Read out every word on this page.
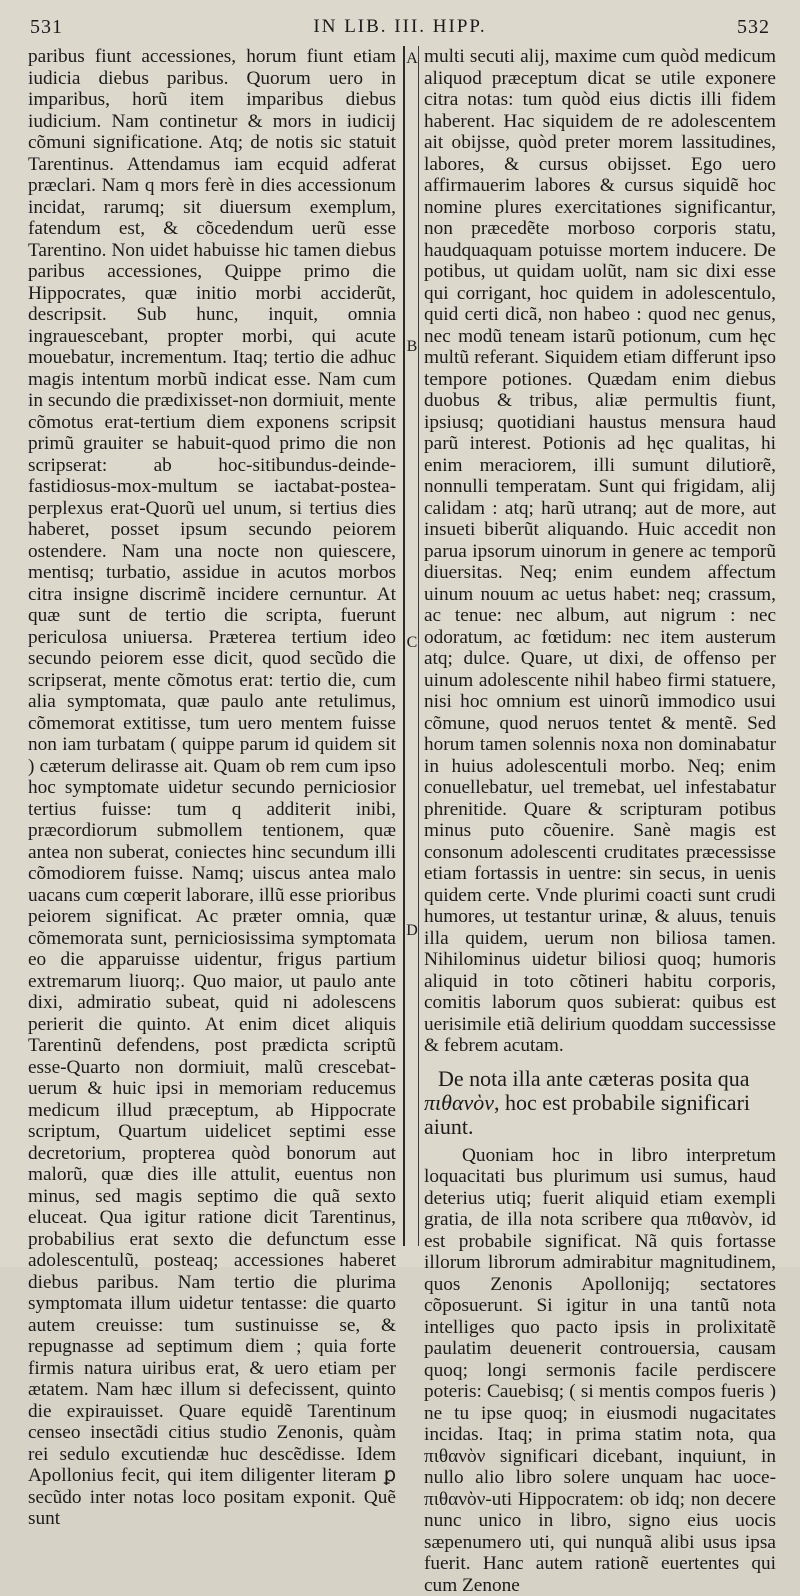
531	IN LIB. III. HIPP.	532
A
B
C
D

paribus fiunt accessiones, horum fiunt etiam iudicia diebus paribus. Quorum uero in imparibus, horũ item imparibus diebus iudicium. Nam continetur & mors in iudicij cõmuni significatione. Atq; de notis sic statuit Tarentinus. Attendamus iam ecquid adferat præclari. Nam q mors ferè in dies accessionum incidat, rarumq; sit diuersum exemplum, fatendum est, & cõcedendum uerũ esse Tarentino. Non uidet habuisse hic tamen diebus paribus accessiones, Quippe primo die Hippocrates, quæ initio morbi acciderũt, descripsit. Sub hunc, inquit, omnia ingrauescebant, propter morbi, qui acute mouebatur, incrementum. Itaq; tertio die adhuc magis intentum morbũ indicat esse. Nam cum in secundo die prædixisset-non dormiuit, mente cõmotus erat-tertium diem exponens scripsit primũ grauiter se habuit-quod primo die non scripserat: ab hoc-sitibundus-deinde-fastidiosus-mox-multum se iactabat-postea-perplexus erat-Quorũ uel unum, si tertius dies haberet, posset ipsum secundo peiorem ostendere. Nam una nocte non quiescere, mentisq; turbatio, assidue in acutos morbos citra insigne discrimẽ incidere cernuntur. At quæ sunt de tertio die scripta, fuerunt periculosa uniuersa. Præterea tertium ideo secundo peiorem esse dicit, quod secũdo die scripserat, mente cõmotus erat: tertio die, cum alia symptomata, quæ paulo ante retulimus, cõmemorat extitisse, tum uero mentem fuisse non iam turbatam ( quippe parum id quidem sit ) cæterum delirasse ait. Quam ob rem cum ipso hoc symptomate uidetur secundo perniciosior tertius fuisse: tum q additerit inibi, præcordiorum submollem tentionem, quæ antea non suberat, coniectes hinc secundum illi cõmodiorem fuisse. Namq; uiscus antea malo uacans cum cœperit laborare, illũ esse prioribus peiorem significat. Ac præter omnia, quæ cõmemorata sunt, perniciosissima symptomata eo die apparuisse uidentur, frigus partium extremarum liuorq;. Quo maior, ut paulo ante dixi, admiratio subeat, quid ni adolescens perierit die quinto. At enim dicet aliquis Tarentinũ defendens, post prædicta scriptũ esse-Quarto non dormiuit, malũ crescebat-uerum & huic ipsi in memoriam reducemus medicum illud præceptum, ab Hippocrate scriptum, Quartum uidelicet septimi esse decretorium, propterea quòd bonorum aut malorũ, quæ dies ille attulit, euentus non minus, sed magis septimo die quã sexto eluceat. Qua igitur ratione dicit Tarentinus, probabilius erat sexto die defunctum esse adolescentulũ, posteaq; accessiones haberet diebus paribus. Nam tertio die plurima symptomata illum uidetur tentasse: die quarto autem creuisse: tum sustinuisse se, & repugnasse ad septimum diem ; quia forte firmis natura uiribus erat, & uero etiam per ætatem. Nam hæc illum si defecissent, quinto die expirauisset. Quare equidẽ Tarentinum censeo insectãdi citius studio Zenonis, quàm rei sedulo excutiendæ huc descẽdisse. Idem Apollonius fecit, qui item diligenter literam ꝑ secũdo inter notas loco positam exponit. Quẽ sunt

multi secuti alij, maxime cum quòd medicum aliquod præceptum dicat se utile exponere citra notas: tum quòd eius dictis illi fidem haberent. Hac siquidem de re adolescentem ait obijsse, quòd preter morem lassitudines, labores, & cursus obijsset. Ego uero affirmauerim labores & cursus siquidẽ hoc nomine plures exercitationes significantur, non præcedẽte morboso corporis statu, haudquaquam potuisse mortem inducere. De potibus, ut quidam uolũt, nam sic dixi esse qui corrigant, hoc quidem in adolescentulo, quid certi dicã, non habeo : quod nec genus, nec modũ teneam istarũ potionum, cum hęc multũ referant. Siquidem etiam differunt ipso tempore potiones. Quædam enim diebus duobus & tribus, aliæ permultis fiunt, ipsiusq; quotidiani haustus mensura haud parũ interest. Potionis ad hęc qualitas, hi enim meraciorem, illi sumunt dilutiorẽ, nonnulli temperatam. Sunt qui frigidam, alij calidam : atq; harũ utranq; aut de more, aut insueti biberũt aliquando. Huic accedit non parua ipsorum uinorum in genere ac temporũ diuersitas. Neq; enim eundem affectum uinum nouum ac uetus habet: neq; crassum, ac tenue: nec album, aut nigrum : nec odoratum, ac fœtidum: nec item austerum atq; dulce. Quare, ut dixi, de offenso per uinum adolescente nihil habeo firmi statuere, nisi hoc omnium est uinorũ immodico usui cõmune, quod neruos tentet & mentẽ. Sed horum tamen solennis noxa non dominabatur in huius adolescentuli morbo. Neq; enim conuellebatur, uel tremebat, uel infestabatur phrenitide. Quare & scripturam potibus minus puto cõuenire. Sanè magis est consonum adolescenti cruditates præcessisse etiam fortassis in uentre: sin secus, in uenis quidem certe. Vnde plurimi coacti sunt crudi humores, ut testantur urinæ, & aluus, tenuis illa quidem, uerum non biliosa tamen. Nihilominus uidetur biliosi quoq; humoris aliquid in toto cõtineri habitu corporis, comitis laborum quos subierat: quibus est uerisimile etiã delirium quoddam successisse & febrem acutam.

De nota illa ante cæteras posita qua πιθανὸν, hoc est probabile significari aiunt.

Quoniam hoc in libro interpretum loquacitati bus plurimum usi sumus, haud deterius utiq; fuerit aliquid etiam exempli gratia, de illa nota scribere qua πιθανὸν, id est probabile significat. Nã quis fortasse illorum librorum admirabitur magnitudinem, quos Zenonis Apollonijq; sectatores cõposuerunt. Si igitur in una tantũ nota intelliges quo pacto ipsis in prolixitatẽ paulatim deuenerit controuersia, causam quoq; longi sermonis facile perdiscere poteris: Cauebisq; ( si mentis compos fueris ) ne tu ipse quoq; in eiusmodi nugacitates incidas. Itaq; in prima statim nota, qua πιθανὸν significari dicebant, inquiunt, in nullo alio libro solere unquam hac uoce-πιθανὸν-uti Hippocratem: ob idq; non decere nunc unico in libro, signo eius uocis sæpenumero uti, qui nunquã alibi usus ipsa fuerit. Hanc autem rationẽ euertentes qui cum Zenone
